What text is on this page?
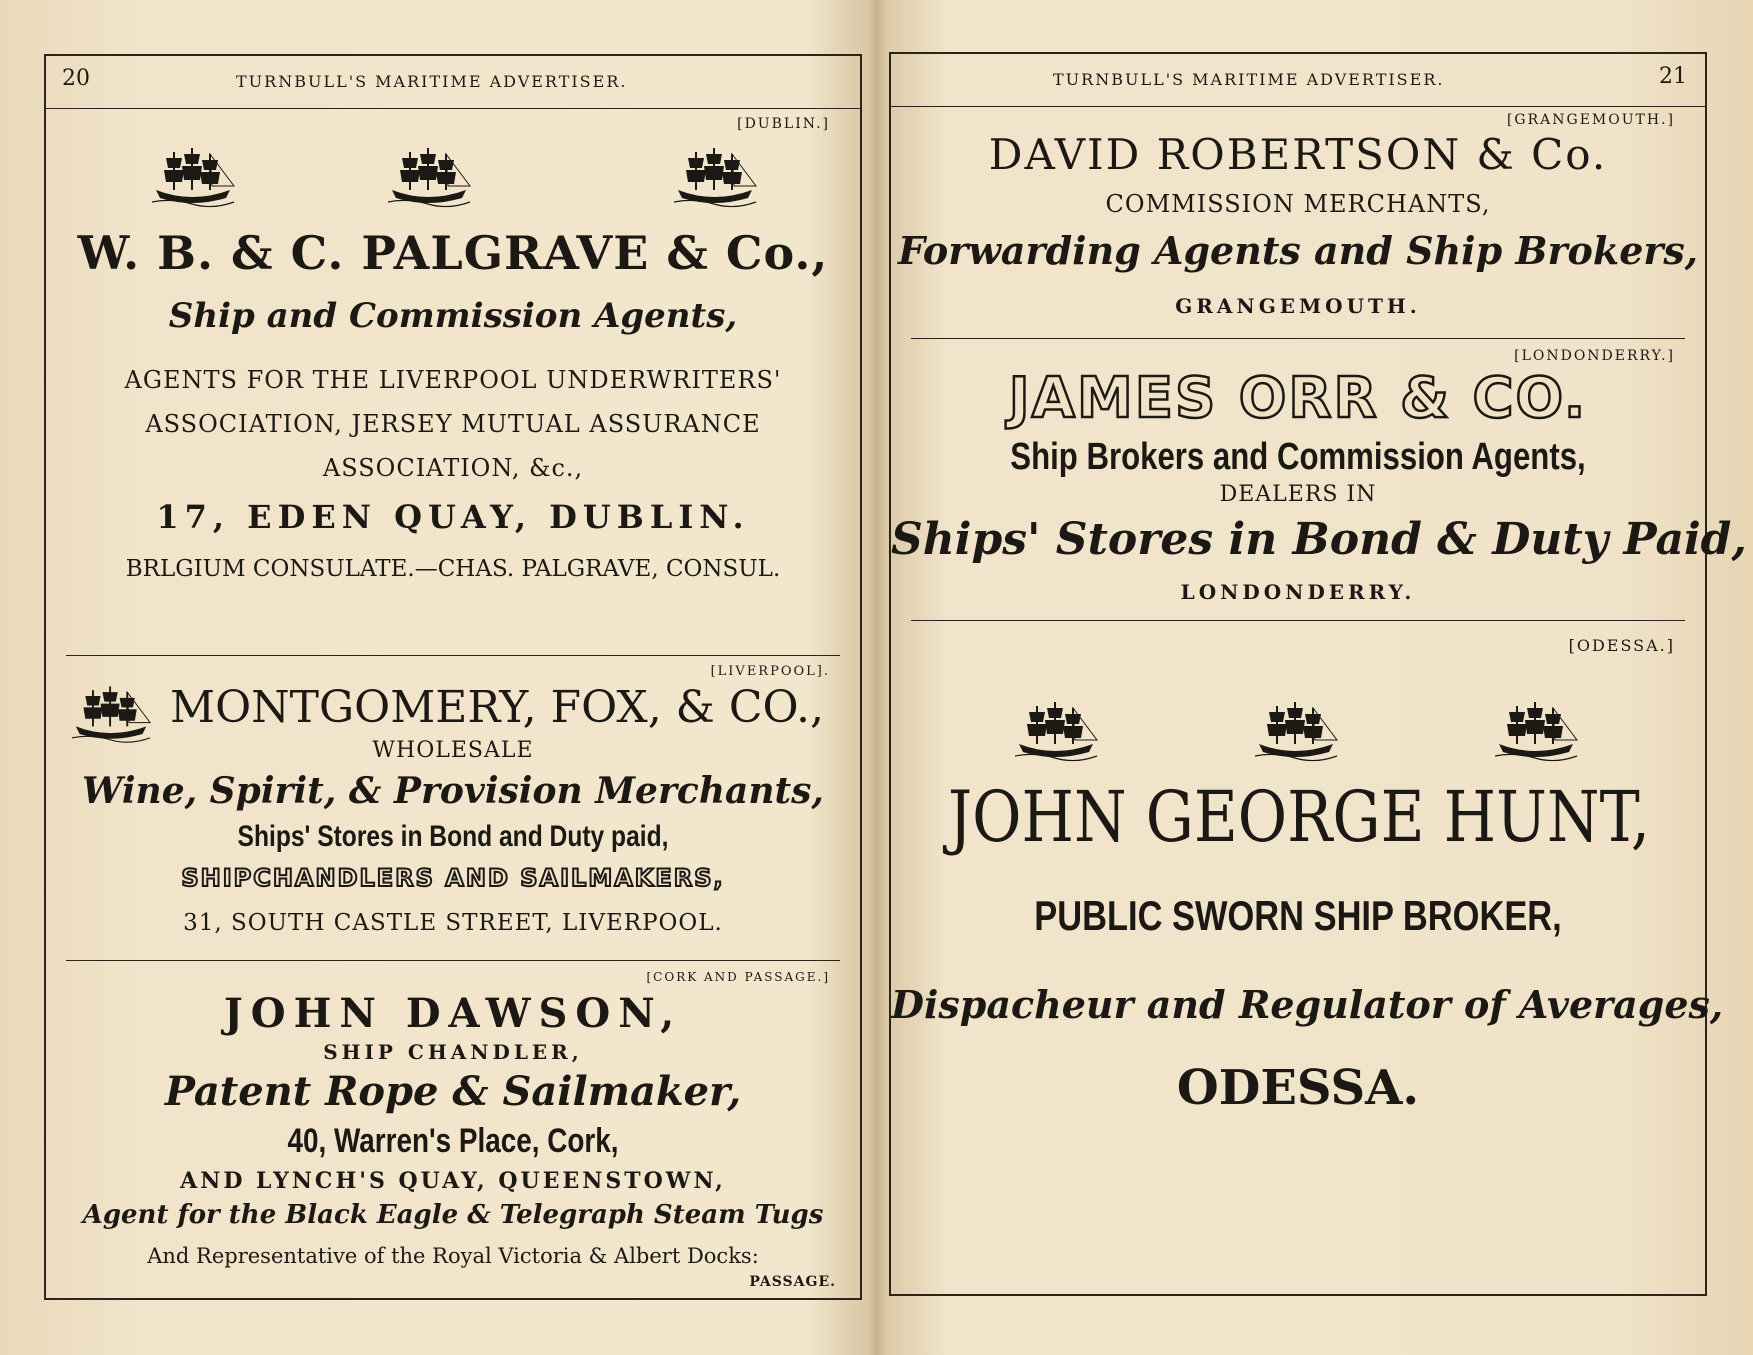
20	TURNBULL'S MARITIME ADVERTISER.
[DUBLIN.]
W. B. & C. PALGRAVE & Co.,
Ship and Commission Agents,
AGENTS FOR THE LIVERPOOL UNDERWRITERS'
ASSOCIATION, JERSEY MUTUAL ASSURANCE
ASSOCIATION, &c.,
17, EDEN QUAY, DUBLIN.
BRLGIUM CONSULATE.—CHAS. PALGRAVE, CONSUL.
[LIVERPOOL].
MONTGOMERY, FOX, & CO.,
WHOLESALE
Wine, Spirit, & Provision Merchants,
Ships' Stores in Bond and Duty paid,
SHIPCHANDLERS AND SAILMAKERS,
31, SOUTH CASTLE STREET, LIVERPOOL.
[CORK AND PASSAGE.]
JOHN DAWSON,
SHIP CHANDLER,
Patent Rope & Sailmaker,
40, Warren's Place, Cork,
AND LYNCH'S QUAY, QUEENSTOWN,
Agent for the Black Eagle & Telegraph Steam Tugs
And Representative of the Royal Victoria & Albert Docks:
PASSAGE.
TURNBULL'S MARITIME ADVERTISER.	21
[GRANGEMOUTH.]
DAVID ROBERTSON & Co.
COMMISSION MERCHANTS,
Forwarding Agents and Ship Brokers,
GRANGEMOUTH.
[LONDONDERRY.]
JAMES ORR & CO.
Ship Brokers and Commission Agents,
DEALERS IN
Ships' Stores in Bond & Duty Paid,
LONDONDERRY.
[ODESSA.]
JOHN GEORGE HUNT,
PUBLIC SWORN SHIP BROKER,
Dispacheur and Regulator of Averages,
ODESSA.
